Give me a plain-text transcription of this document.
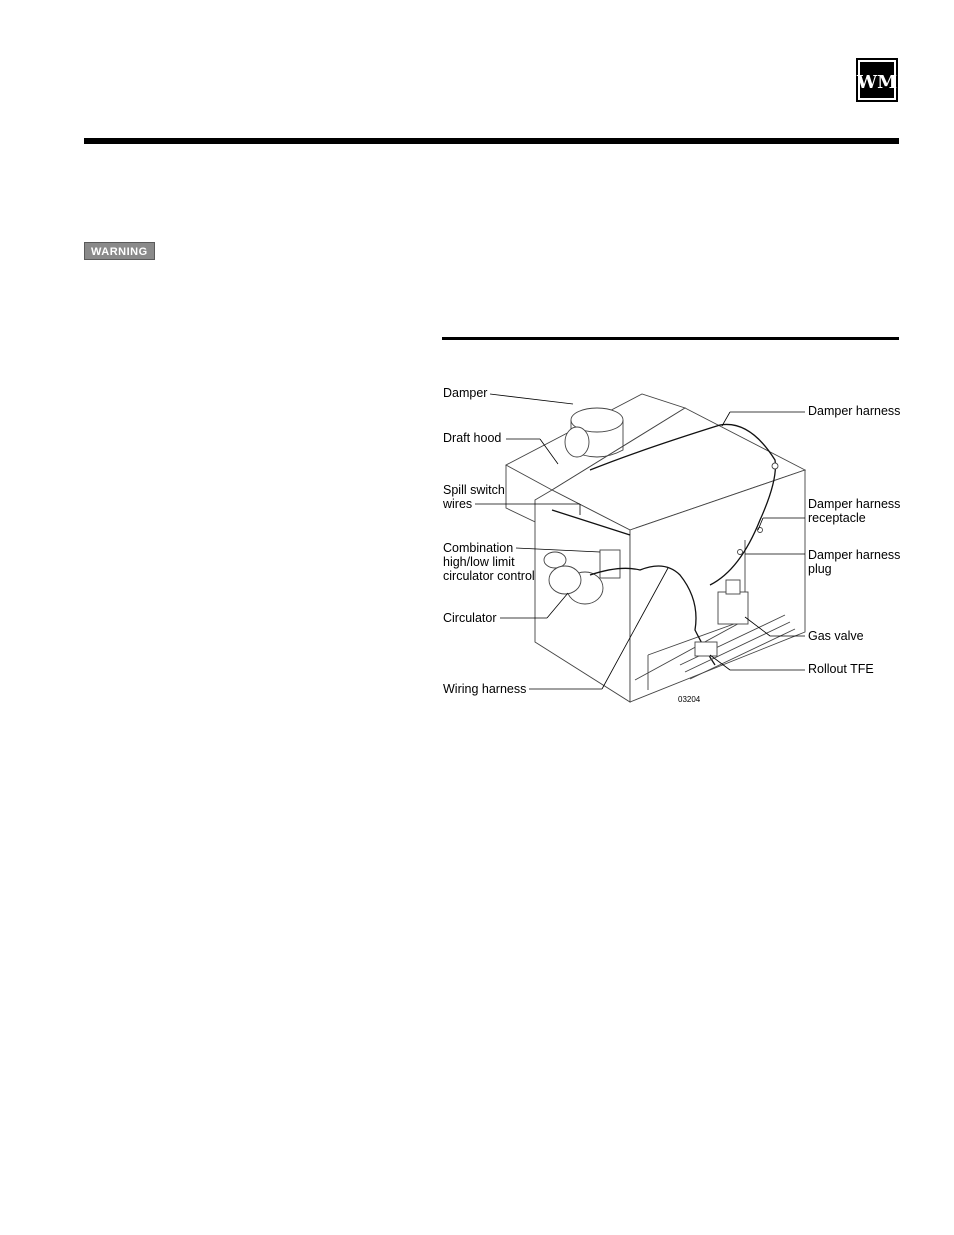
WM
WARNING
Damper
Draft hood
Spill switch
wires
Combination
high/low limit
circulator control
Circulator
Wiring harness
Damper harness
Damper harness
receptacle
Damper harness
plug
Gas valve
Rollout TFE
03204
